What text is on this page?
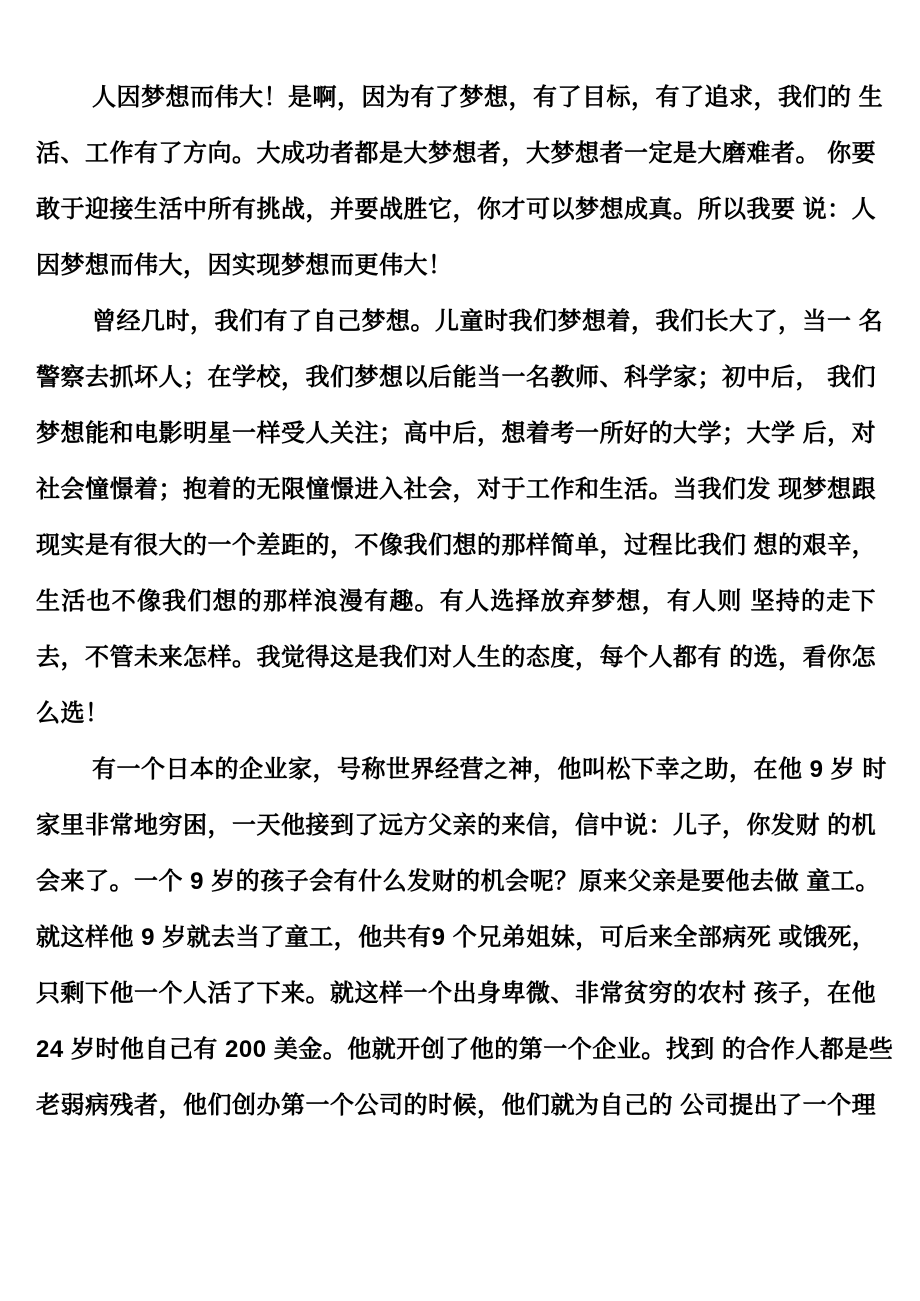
人因梦想而伟大！是啊，因为有了梦想，有了目标，有了追求，我们的 生
活、工作有了方向。大成功者都是大梦想者，大梦想者一定是大磨难者。 你要
敢于迎接生活中所有挑战，并要战胜它，你才可以梦想成真。所以我要 说：人
因梦想而伟大，因实现梦想而更伟大！
曾经几时，我们有了自己梦想。儿童时我们梦想着，我们长大了，当一 名
警察去抓坏人；在学校，我们梦想以后能当一名教师、科学家；初中后， 我们
梦想能和电影明星一样受人关注；高中后，想着考一所好的大学；大学 后，对
社会憧憬着；抱着的无限憧憬进入社会，对于工作和生活。当我们发 现梦想跟
现实是有很大的一个差距的，不像我们想的那样简单，过程比我们 想的艰辛，
生活也不像我们想的那样浪漫有趣。有人选择放弃梦想，有人则 坚持的走下
去，不管未来怎样。我觉得这是我们对人生的态度，每个人都有 的选，看你怎
么选！
有一个日本的企业家，号称世界经营之神，他叫松下幸之助，在他 9 岁 时
家里非常地穷困，一天他接到了远方父亲的来信，信中说：儿子，你发财 的机
会来了。一个 9 岁的孩子会有什么发财的机会呢？原来父亲是要他去做 童工。
就这样他 9 岁就去当了童工，他共有9 个兄弟姐妹，可后来全部病死 或饿死，
只剩下他一个人活了下来。就这样一个出身卑微、非常贫穷的农村 孩子，在他
24 岁时他自己有 200 美金。他就开创了他的第一个企业。找到 的合作人都是些
老弱病残者，他们创办第一个公司的时候，他们就为自己的 公司提出了一个理
